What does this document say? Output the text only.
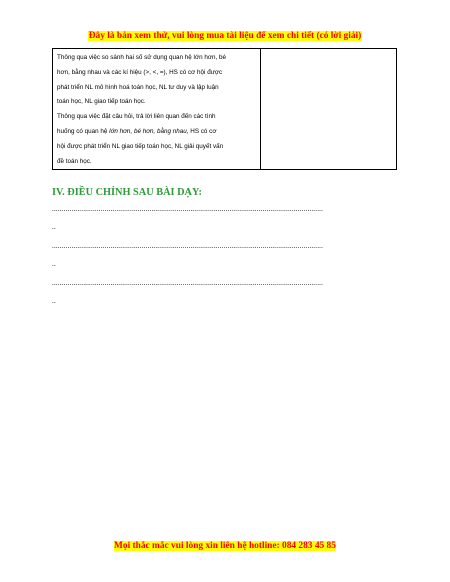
Đây là bản xem thử, vui lòng mua tài liệu để xem chi tiết (có lời giải)

Thông qua việc so sánh hai số sử dụng quan hệ lớn hơn, bé
hơn, bằng nhau và các kí hiệu (>, <, =), HS có cơ hội được
phát triển NL mô hình hoá toán học, NL tư duy và lập luận
toán học, NL giao tiếp toán học.

Thông qua việc đặt câu hỏi, trả lời liên quan đến các tình
huống có quan hệ lớn hơn, bé hơn, bằng nhau, HS có cơ
hội được phát triển NL giao tiếp toán học, NL giải quyết vấn
đề toán học.

IV. ĐIỀU CHỈNH SAU BÀI DẠY:
...........................................................................................................................................
..
...........................................................................................................................................
..
...........................................................................................................................................
..
Mọi thắc mắc vui lòng xin liên hệ hotline: 084 283 45 85
